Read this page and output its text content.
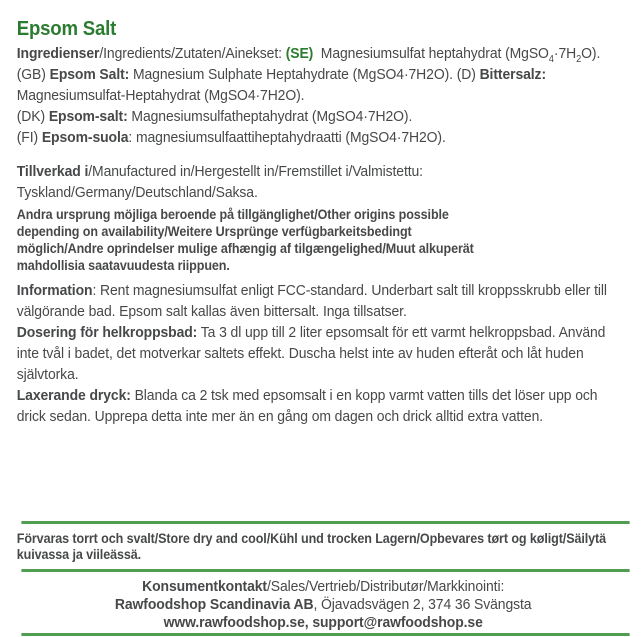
Epsom Salt

Ingredienser/Ingredients/Zutaten/Ainekset: (SE)  Magnesiumsulfat heptahydrat $(MgSO_4\cdot 7H_2O)$. (GB) Epsom Salt: Magnesium Sulphate Heptahydrate (MgSO4·7H2O). (D) Bittersalz: Magnesiumsulfat-Heptahydrat (MgSO4·7H2O).
(DK) Epsom-salt: Magnesiumsulfatheptahydrat (MgSO4·7H2O).
(FI) Epsom-suola: magnesiumsulfaattiheptahydraatti (MgSO4·7H2O).

Tillverkad i/Manufactured in/Hergestellt in/Fremstillet i/Valmistettu: Tyskland/Germany/Deutschland/Saksa.

Andra ursprung möjliga beroende på tillgänglighet/Other origins possible depending on availability/Weitere Ursprünge verfügbarkeitsbedingt möglich/Andre oprindelser mulige afhængig af tilgængelighed/Muut alkuperät mahdollisia saatavuudesta riippuen.

Information: Rent magnesiumsulfat enligt FCC-standard. Underbart salt till kroppsskrubb eller till välgörande bad. Epsom salt kallas även bittersalt. Inga tillsatser.

Dosering för helkroppsbad: Ta 3 dl upp till 2 liter epsomsalt för ett varmt helkroppsbad. Använd inte tvål i badet, det motverkar saltets effekt. Duscha helst inte av huden efteråt och låt huden självtorka.

Laxerande dryck: Blanda ca 2 tsk med epsomsalt i en kopp varmt vatten tills det löser upp och drick sedan. Upprepa detta inte mer än en gång om dagen och drick alltid extra vatten.

Förvaras torrt och svalt/Store dry and cool/Kühl und trocken Lagern/Opbevares tørt og køligt/Säilytä kuivassa ja viileässä.

Konsumentkontakt/Sales/Vertrieb/Distributør/Markkinointi:
Rawfoodshop Scandinavia AB, Öjavadsvägen 2, 374 36 Svängsta
www.rawfoodshop.se, support@rawfoodshop.se
